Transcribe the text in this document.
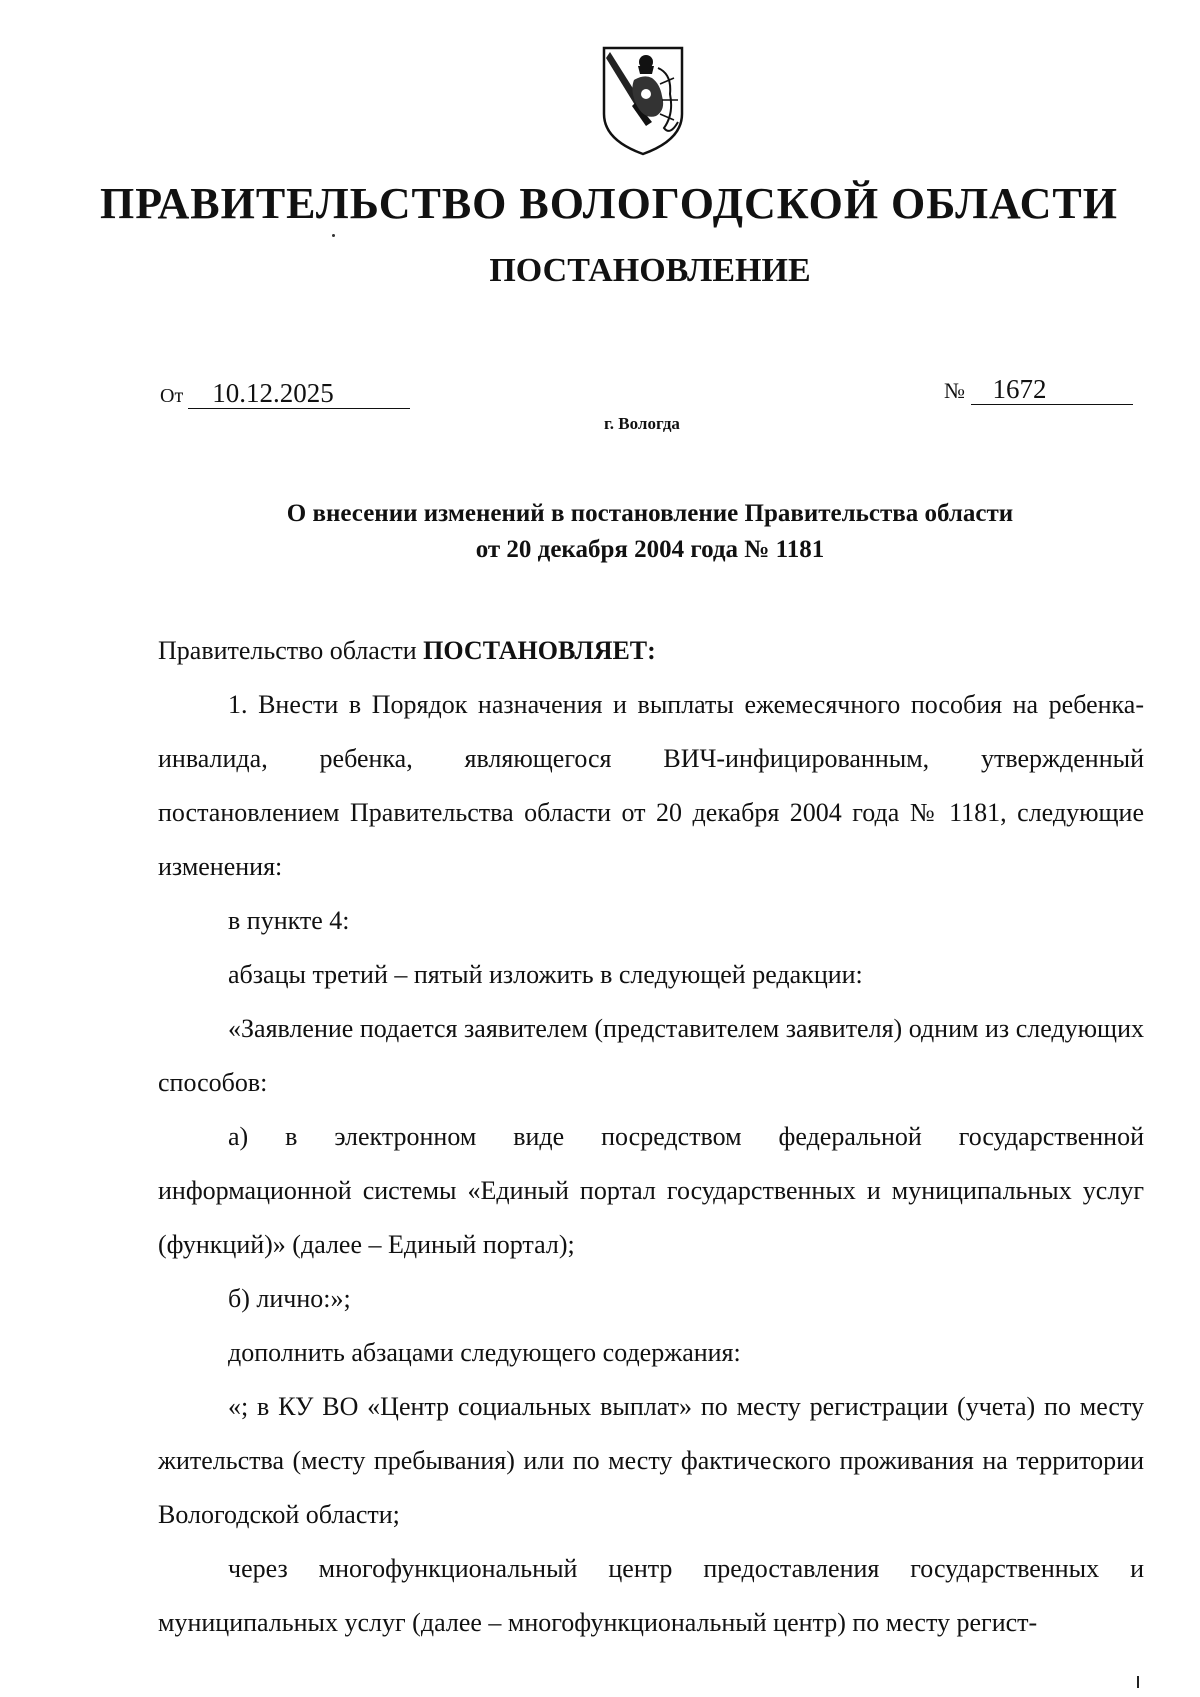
ПРАВИТЕЛЬСТВО ВОЛОГОДСКОЙ ОБЛАСТИ
ПОСТАНОВЛЕНИЕ
От 10.12.2025	№ 1672
г. Вологда
О внесении изменений в постановление Правительства области
от 20 декабря 2004 года № 1181

Правительство области ПОСТАНОВЛЯЕТ:

1. Внести в Порядок назначения и выплаты ежемесячного пособия на ребенка-инвалида, ребенка, являющегося ВИЧ-инфицированным, утвержденный постановлением Правительства области от 20 декабря 2004 года № 1181, следующие изменения:

в пункте 4:

абзацы третий – пятый изложить в следующей редакции:

«Заявление подается заявителем (представителем заявителя) одним из следующих способов:

а) в электронном виде посредством федеральной государственной информационной системы «Единый портал государственных и муниципальных услуг (функций)» (далее – Единый портал);

б) лично:»;

дополнить абзацами следующего содержания:

«; в КУ ВО «Центр социальных выплат» по месту регистрации (учета) по месту жительства (месту пребывания) или по месту фактического проживания на территории Вологодской области;

через многофункциональный центр предоставления государственных и муниципальных услуг (далее – многофункциональный центр) по месту регист-
